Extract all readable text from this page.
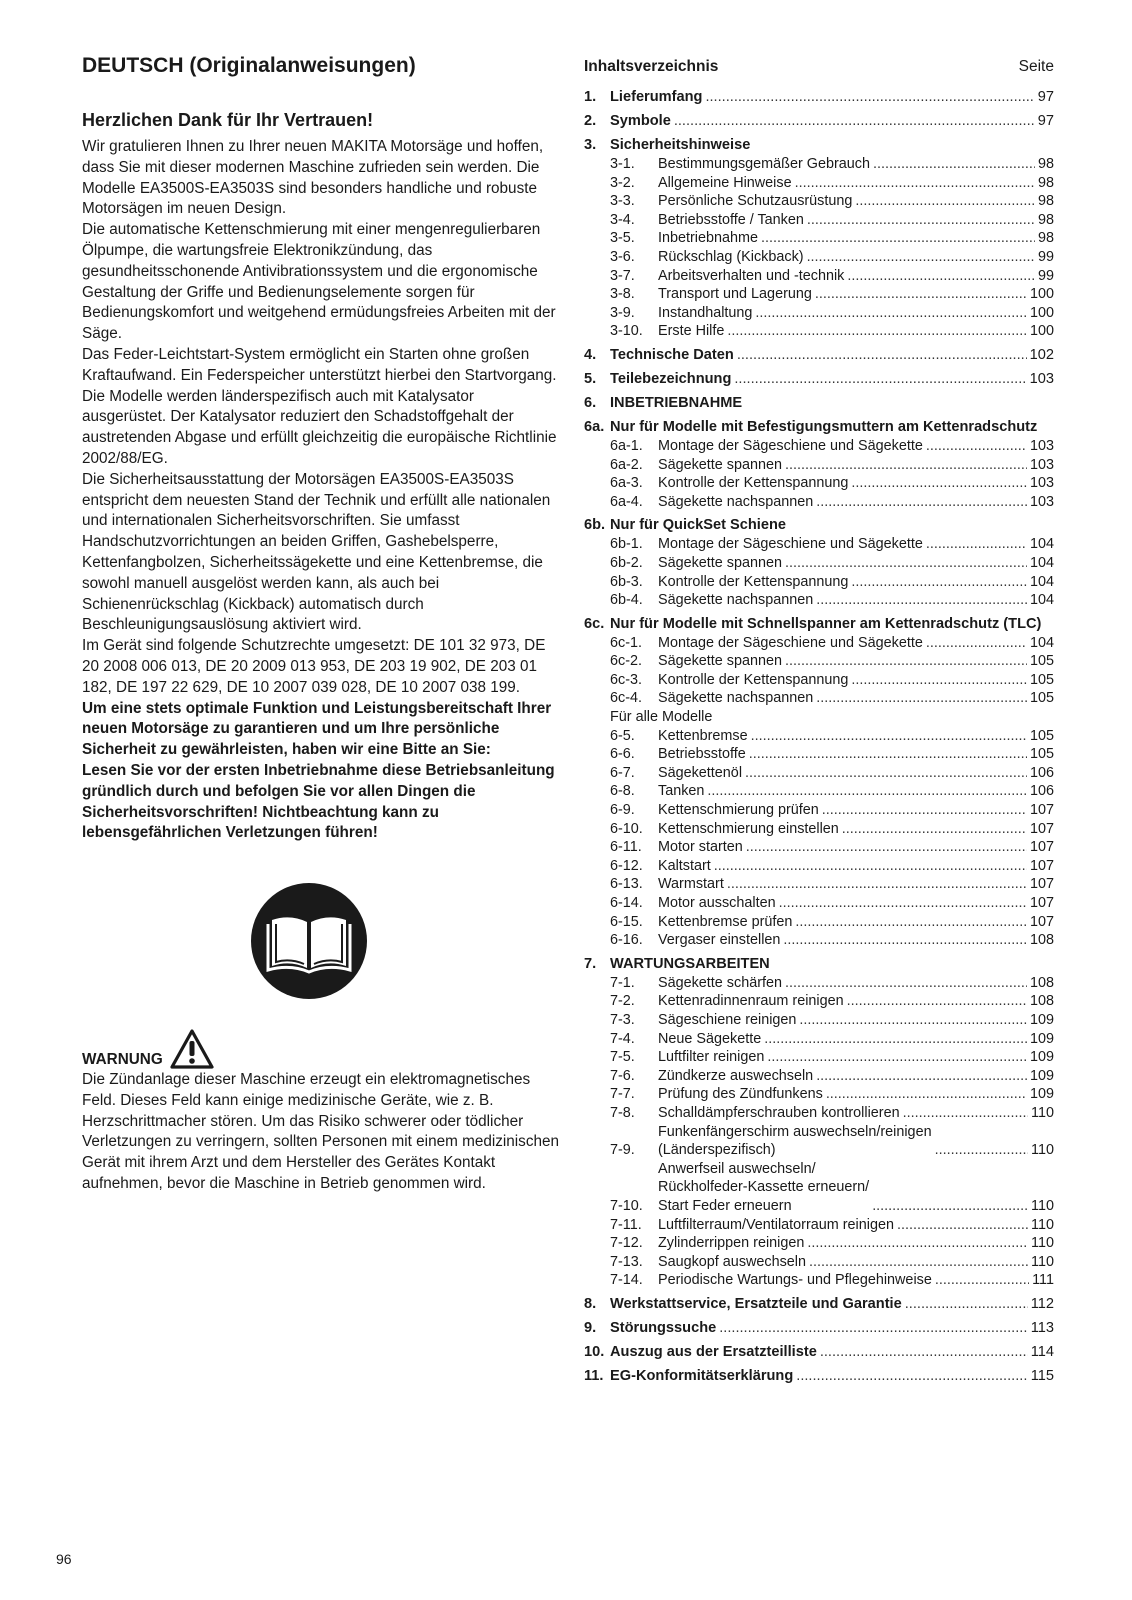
DEUTSCH (Originalanweisungen)
Herzlichen Dank für Ihr Vertrauen!

Wir gratulieren Ihnen zu Ihrer neuen MAKITA Motorsäge und hoffen, dass Sie mit dieser modernen Maschine zufrieden sein werden. Die Modelle EA3500S-EA3503S sind besonders handliche und robuste Motorsägen im neuen Design.

Die automatische Kettenschmierung mit einer mengenregulierbaren Ölpumpe, die wartungsfreie Elektronikzündung, das gesundheitsschonende Antivibrationssystem und die ergonomische Gestaltung der Griffe und Bedienungselemente sorgen für Bedienungskomfort und weitgehend ermüdungsfreies Arbeiten mit der Säge.

Das Feder-Leichtstart-System ermöglicht ein Starten ohne großen Kraftaufwand. Ein Federspeicher unterstützt hierbei den Startvorgang.

Die Modelle werden länderspezifisch auch mit Katalysator ausgerüstet. Der Katalysator reduziert den Schadstoffgehalt der austretenden Abgase und erfüllt gleichzeitig die europäische Richtlinie 2002/88/EG.

Die Sicherheitsausstattung der Motorsägen EA3500S-EA3503S entspricht dem neuesten Stand der Technik und erfüllt alle nationalen und internationalen Sicherheitsvorschriften. Sie umfasst Handschutzvorrichtungen an beiden Griffen, Gashebelsperre, Kettenfangbolzen, Sicherheitssägekette und eine Kettenbremse, die sowohl manuell ausgelöst werden kann, als auch bei Schienenrückschlag (Kickback) automatisch durch Beschleunigungsauslösung aktiviert wird.

Im Gerät sind folgende Schutzrechte umgesetzt: DE 101 32 973, DE 20 2008 006 013, DE 20 2009 013 953, DE 203 19 902, DE 203 01 182, DE 197 22 629, DE 10 2007 039 028, DE 10 2007 038 199.

Um eine stets optimale Funktion und Leistungsbereitschaft Ihrer neuen Motorsäge zu garantieren und um Ihre persönliche Sicherheit zu gewährleisten, haben wir eine Bitte an Sie:

Lesen Sie vor der ersten Inbetriebnahme diese Betriebsanleitung gründlich durch und befolgen Sie vor allen Dingen die Sicherheitsvorschriften! Nichtbeachtung kann zu lebensgefährlichen Verletzungen führen!

WARNUNG

Die Zündanlage dieser Maschine erzeugt ein elektromagnetisches Feld. Dieses Feld kann einige medizinische Geräte, wie z. B. Herzschrittmacher stören. Um das Risiko schwerer oder tödlicher Verletzungen zu verringern, sollten Personen mit einem medizinischen Gerät mit ihrem Arzt und dem Hersteller des Gerätes Kontakt aufnehmen, bevor die Maschine in Betrieb genommen wird.

Inhaltsverzeichnis	Seite
1. Lieferumfang .....	97
2. Symbole .....	97
3. Sicherheitshinweise
3-1.	Bestimmungsgemäßer Gebrauch .....	98
3-2.	Allgemeine Hinweise .....	98
3-3.	Persönliche Schutzausrüstung .....	98
3-4.	Betriebsstoffe / Tanken .....	98
3-5.	Inbetriebnahme .....	98
3-6.	Rückschlag (Kickback) .....	99
3-7.	Arbeitsverhalten und -technik .....	99
3-8.	Transport und Lagerung .....	100
3-9.	Instandhaltung .....	100
3-10.	Erste Hilfe .....	100
4. Technische Daten .....	102
5. Teilebezeichnung .....	103
6. INBETRIEBNAHME
6a. Nur für Modelle mit Befestigungsmuttern am Kettenradschutz
6a-1.	Montage der Sägeschiene und Sägekette .....	103
6a-2.	Sägekette spannen .....	103
6a-3.	Kontrolle der Kettenspannung .....	103
6a-4.	Sägekette nachspannen .....	103
6b. Nur für QuickSet Schiene
6b-1.	Montage der Sägeschiene und Sägekette .....	104
6b-2.	Sägekette spannen .....	104
6b-3.	Kontrolle der Kettenspannung .....	104
6b-4.	Sägekette nachspannen .....	104
6c. Nur für Modelle mit Schnellspanner am Kettenradschutz (TLC)
6c-1.	Montage der Sägeschiene und Sägekette .....	104
6c-2.	Sägekette spannen .....	105
6c-3.	Kontrolle der Kettenspannung .....	105
6c-4.	Sägekette nachspannen .....	105
Für alle Modelle
6-5.	Kettenbremse .....	105
6-6.	Betriebsstoffe .....	105
6-7.	Sägekettenöl .....	106
6-8.	Tanken .....	106
6-9.	Kettenschmierung prüfen .....	107
6-10.	Kettenschmierung einstellen .....	107
6-11.	Motor starten .....	107
6-12.	Kaltstart .....	107
6-13.	Warmstart .....	107
6-14.	Motor ausschalten .....	107
6-15.	Kettenbremse prüfen .....	107
6-16.	Vergaser einstellen .....	108
7. WARTUNGSARBEITEN
7-1.	Sägekette schärfen .....	108
7-2.	Kettenradinnenraum reinigen .....	108
7-3.	Sägeschiene reinigen .....	109
7-4.	Neue Sägekette .....	109
7-5.	Luftfilter reinigen .....	109
7-6.	Zündkerze auswechseln .....	109
7-7.	Prüfung des Zündfunkens .....	109
7-8.	Schalldämpferschrauben kontrollieren .....	110
7-9.
Funkenfängerschirm auswechseln/reinigen
(Länderspezifisch) .....	110
7-10.
Anwerfseil auswechseln/
Rückholfeder-Kassette erneuern/
Start Feder erneuern .....	110
7-11.	Luftfilterraum/Ventilatorraum reinigen .....	110
7-12.	Zylinderrippen reinigen .....	110
7-13.	Saugkopf auswechseln .....	110
7-14.	Periodische Wartungs- und Pflegehinweise .....	111
8. Werkstattservice, Ersatzteile und Garantie .....	112
9. Störungssuche .....	113
10. Auszug aus der Ersatzteilliste .....	114
11. EG-Konformitätserklärung .....	115
96
